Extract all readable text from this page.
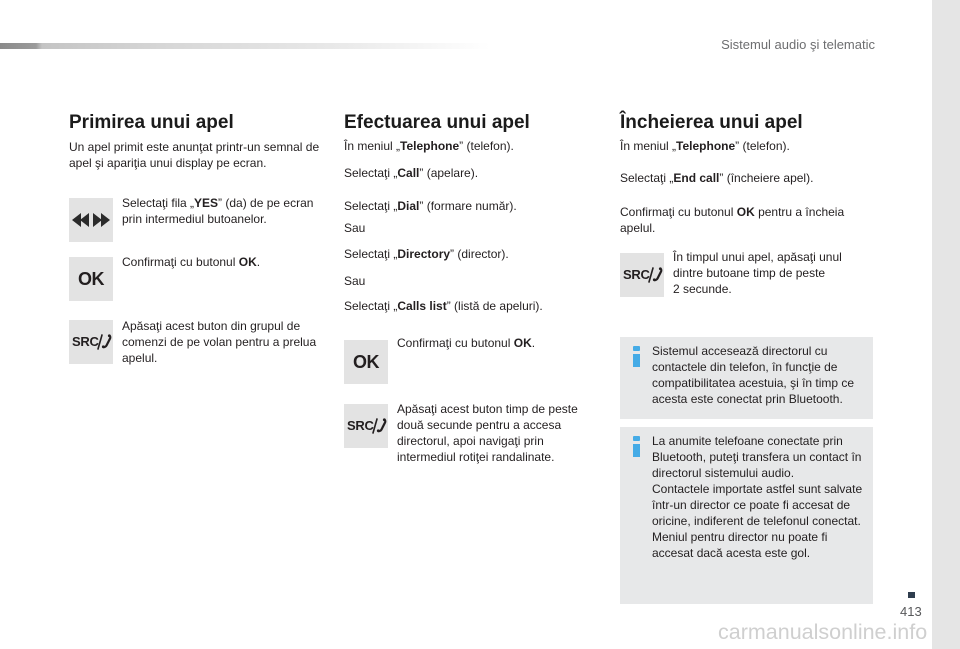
Sistemul audio şi telematic
413
carmanualsonline.info
Primirea unui apel
Un apel primit este anunţat printr-un semnal de
apel şi apariţia unui display pe ecran.
Selectaţi fila „YES” (da) de pe ecran
prin intermediul butoanelor.
OK
Confirmaţi cu butonul OK.
SRC
Apăsaţi acest buton din grupul de
comenzi de pe volan pentru a prelua
apelul.
Efectuarea unui apel
În meniul „Telephone” (telefon).
Selectaţi „Call” (apelare).
Selectaţi „Dial” (formare număr).
Sau
Selectaţi „Directory” (director).
Sau
Selectaţi „Calls list” (listă de apeluri).
OK
Confirmaţi cu butonul OK.
SRC
Apăsaţi acest buton timp de peste
două secunde pentru a accesa
directorul, apoi navigaţi prin
intermediul rotiţei randalinate.
Încheierea unui apel
În meniul „Telephone” (telefon).
Selectaţi „End call” (încheiere apel).
Confirmaţi cu butonul OK pentru a încheia
apelul.
SRC
În timpul unui apel, apăsaţi unul
dintre butoane timp de peste
2 secunde.
Sistemul accesează directorul cu
contactele din telefon, în funcţie de
compatibilitatea acestuia, şi în timp ce
acesta este conectat prin Bluetooth.
La anumite telefoane conectate prin
Bluetooth, puteţi transfera un contact în
directorul sistemului audio.
Contactele importate astfel sunt salvate
într-un director ce poate fi accesat de
oricine, indiferent de telefonul conectat.
Meniul pentru director nu poate fi
accesat dacă acesta este gol.
